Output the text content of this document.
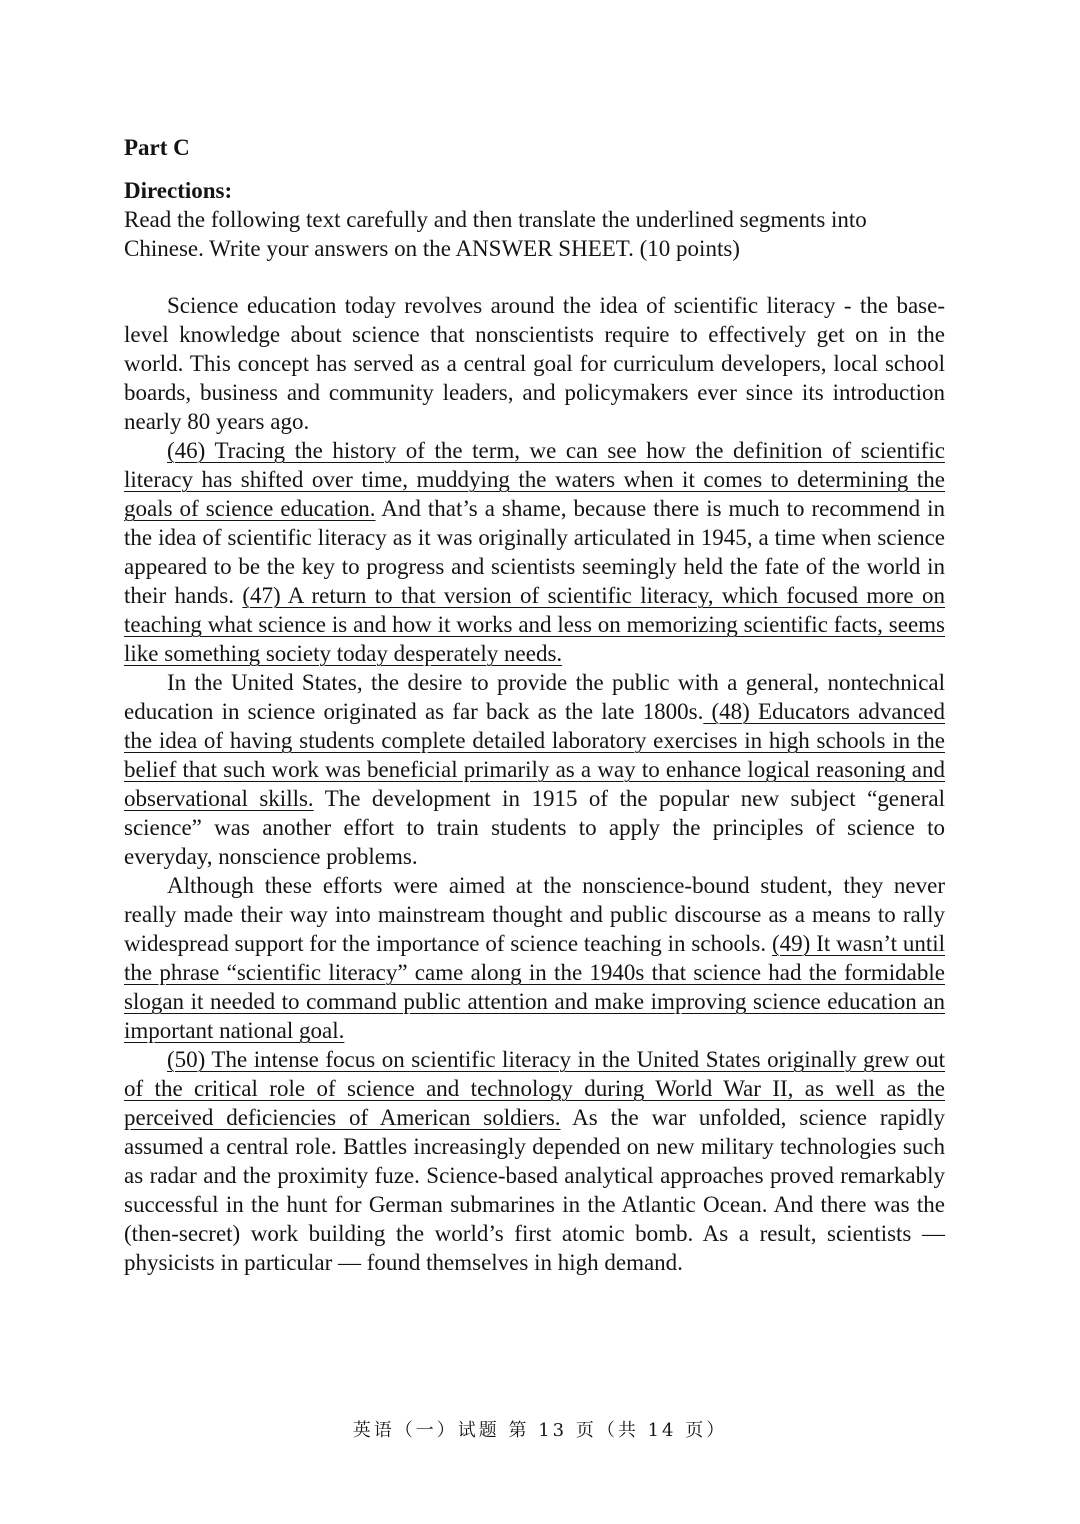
Part C
Directions:

Read the following text carefully and then translate the underlined segments into Chinese. Write your answers on the ANSWER SHEET. (10 points)

Science education today revolves around the idea of scientific literacy - the base-level knowledge about science that nonscientists require to effectively get on in the world. This concept has served as a central goal for curriculum developers, local school boards, business and community leaders, and policymakers ever since its introduction nearly 80 years ago.

(46) Tracing the history of the term, we can see how the definition of scientific literacy has shifted over time, muddying the waters when it comes to determining the goals of science education. And that’s a shame, because there is much to recommend in the idea of scientific literacy as it was originally articulated in 1945, a time when science appeared to be the key to progress and scientists seemingly held the fate of the world in their hands. (47) A return to that version of scientific literacy, which focused more on teaching what science is and how it works and less on memorizing scientific facts, seems like something society today desperately needs.

In the United States, the desire to provide the public with a general, nontechnical education in science originated as far back as the late 1800s. (48) Educators advanced the idea of having students complete detailed laboratory exercises in high schools in the belief that such work was beneficial primarily as a way to enhance logical reasoning and observational skills. The development in 1915 of the popular new subject “general science” was another effort to train students to apply the principles of science to everyday, nonscience problems.

Although these efforts were aimed at the nonscience-bound student, they never really made their way into mainstream thought and public discourse as a means to rally widespread support for the importance of science teaching in schools. (49) It wasn’t until the phrase “scientific literacy” came along in the 1940s that science had the formidable slogan it needed to command public attention and make improving science education an important national goal.

(50) The intense focus on scientific literacy in the United States originally grew out of the critical role of science and technology during World War II, as well as the perceived deficiencies of American soldiers. As the war unfolded, science rapidly assumed a central role. Battles increasingly depended on new military technologies such as radar and the proximity fuze. Science-based analytical approaches proved remarkably successful in the hunt for German submarines in the Atlantic Ocean. And there was the (then-secret) work building the world’s first atomic bomb. As a result, scientists — physicists in particular — found themselves in high demand.

英语（一）试题 第 13 页（共 14 页）
